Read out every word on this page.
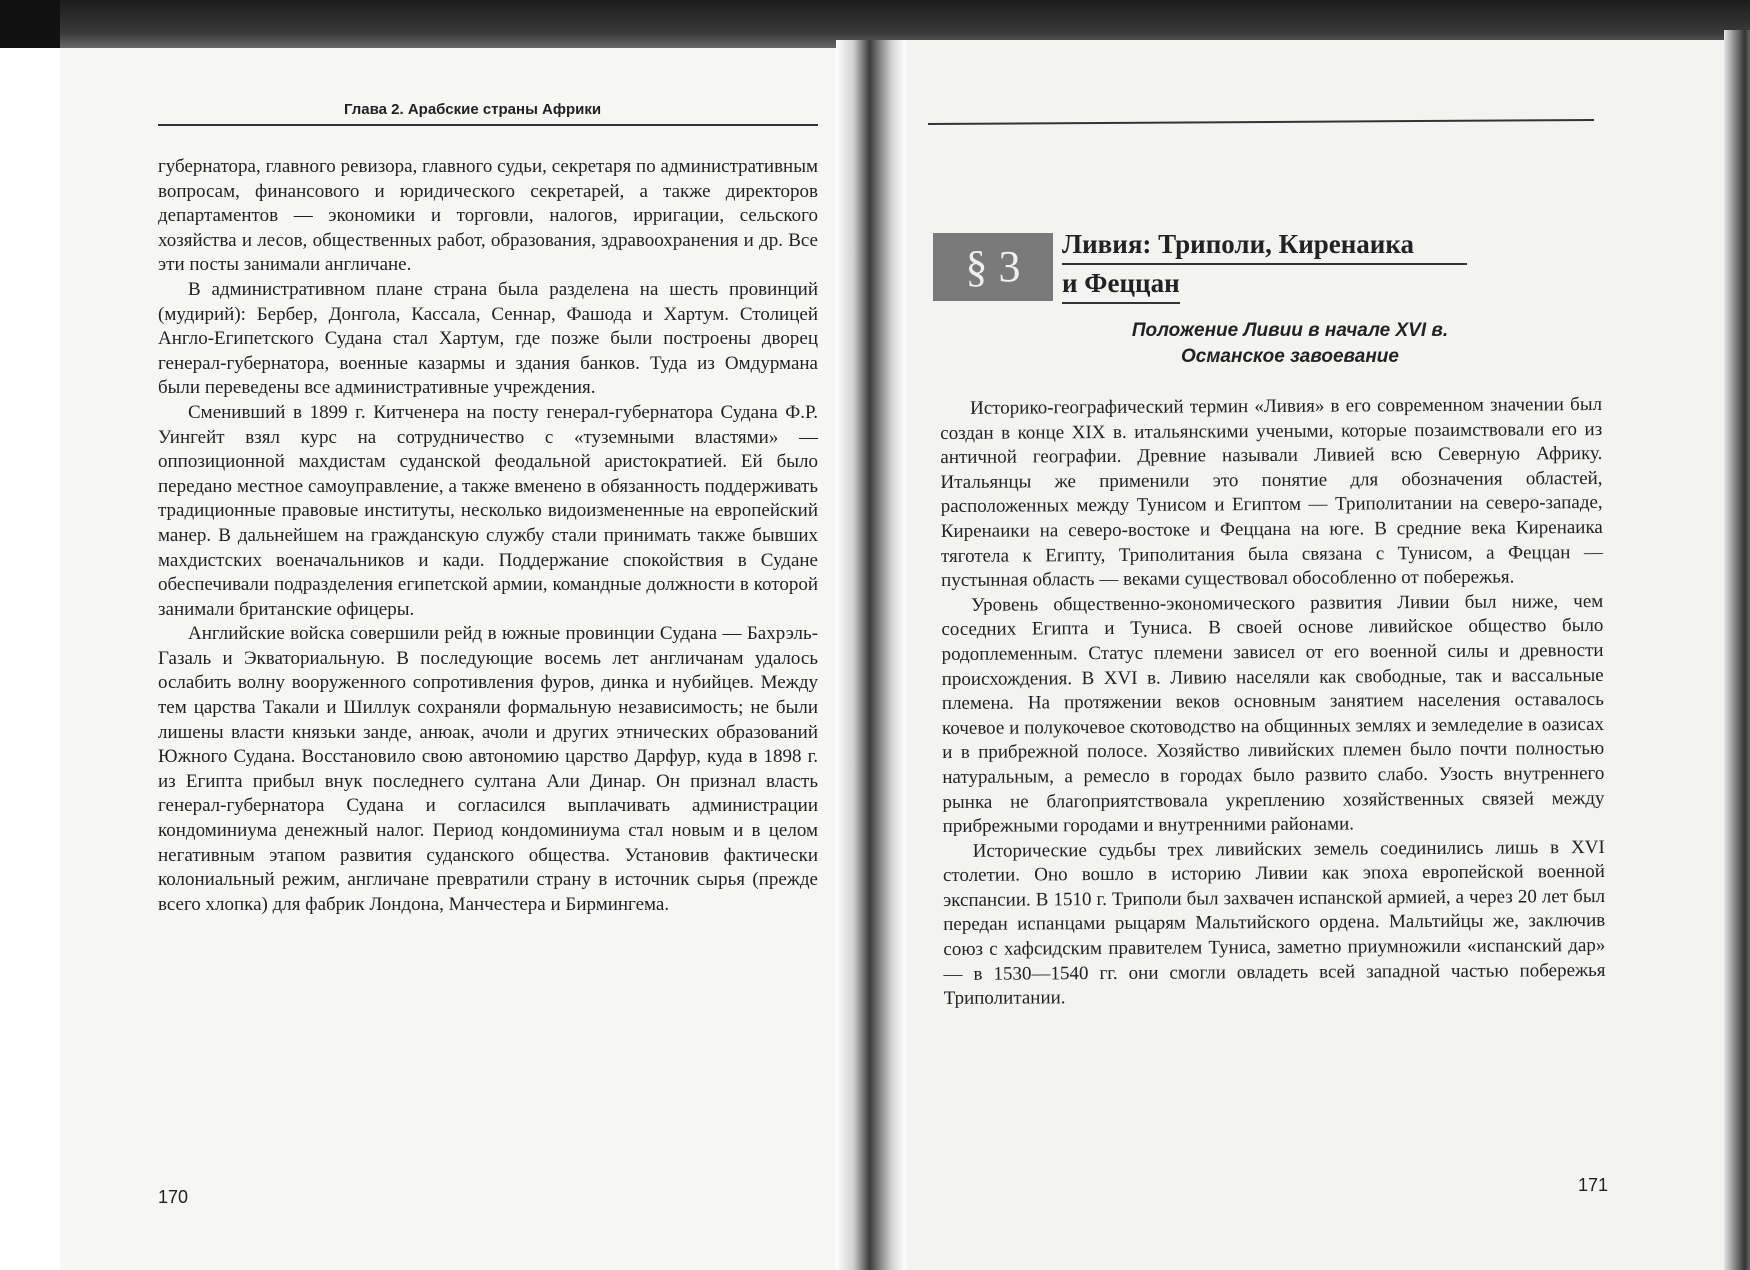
Глава 2. Арабские страны Африки

губернатора, главного ревизора, главного судьи, секретаря по административным вопросам, финансового и юридического секретарей, а также директоров департаментов — экономики и торговли, налогов, ирригации, сельского хозяйства и лесов, общественных работ, образования, здравоохранения и др. Все эти посты занимали англичане.

В административном плане страна была разделена на шесть провинций (мудирий): Бербер, Донгола, Кассала, Сеннар, Фашода и Хартум. Столицей Англо-Египетского Судана стал Хартум, где позже были построены дворец генерал-губернатора, военные казармы и здания банков. Туда из Омдурмана были переведены все административные учреждения.

Сменивший в 1899 г. Китченера на посту генерал-губернатора Судана Ф.Р. Уингейт взял курс на сотрудничество с «туземными властями» — оппозиционной махдистам суданской феодальной аристократией. Ей было передано местное самоуправление, а также вменено в обязанность поддерживать традиционные правовые институты, несколько видоизмененные на европейский манер. В дальнейшем на гражданскую службу стали принимать также бывших махдистских военачальников и кади. Поддержание спокойствия в Судане обеспечивали подразделения египетской армии, командные должности в которой занимали британские офицеры.

Английские войска совершили рейд в южные провинции Судана — Бахрэль-Газаль и Экваториальную. В последующие восемь лет англичанам удалось ослабить волну вооруженного сопротивления фуров, динка и нубийцев. Между тем царства Такали и Шиллук сохраняли формальную независимость; не были лишены власти князьки занде, анюак, ачоли и других этнических образований Южного Судана. Восстановило свою автономию царство Дарфур, куда в 1898 г. из Египта прибыл внук последнего султана Али Динар. Он признал власть генерал-губернатора Судана и согласился выплачивать администрации кондоминиума денежный налог. Период кондоминиума стал новым и в целом негативным этапом развития суданского общества. Установив фактически колониальный режим, англичане превратили страну в источник сырья (прежде всего хлопка) для фабрик Лондона, Манчестера и Бирмингема.

170
§ 3	Ливия: Триполи, Киренаика
и Феццан
Положение Ливии в начале XVI в.
Османское завоевание

Историко-географический термин «Ливия» в его современном значении был создан в конце XIX в. итальянскими учеными, которые позаимствовали его из античной географии. Древние называли Ливией всю Северную Африку. Итальянцы же применили это понятие для обозначения областей, расположенных между Тунисом и Египтом — Триполитании на северо-западе, Киренаики на северо-востоке и Феццана на юге. В средние века Киренаика тяготела к Египту, Триполитания была связана с Тунисом, а Феццан — пустынная область — веками существовал обособленно от побережья.

Уровень общественно-экономического развития Ливии был ниже, чем соседних Египта и Туниса. В своей основе ливийское общество было родоплеменным. Статус племени зависел от его военной силы и древности происхождения. В XVI в. Ливию населяли как свободные, так и вассальные племена. На протяжении веков основным занятием населения оставалось кочевое и полукочевое скотоводство на общинных землях и земледелие в оазисах и в прибрежной полосе. Хозяйство ливийских племен было почти полностью натуральным, а ремесло в городах было развито слабо. Узость внутреннего рынка не благоприятствовала укреплению хозяйственных связей между прибрежными городами и внутренними районами.

Исторические судьбы трех ливийских земель соединились лишь в XVI столетии. Оно вошло в историю Ливии как эпоха европейской военной экспансии. В 1510 г. Триполи был захвачен испанской армией, а через 20 лет был передан испанцами рыцарям Мальтийского ордена. Мальтийцы же, заключив союз с хафсидским правителем Туниса, заметно приумножили «испанский дар» — в 1530—1540 гг. они смогли овладеть всей западной частью побережья Триполитании.

171
